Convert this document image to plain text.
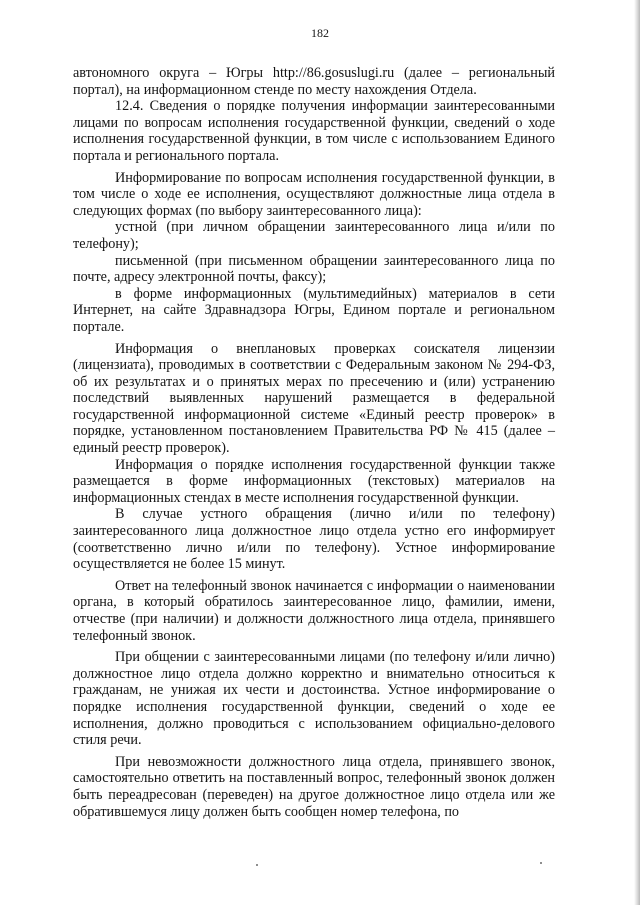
182

автономного округа – Югры http://86.gosuslugi.ru (далее – региональный портал), на информационном стенде по месту нахождения Отдела.

12.4. Сведения о порядке получения информации заинтересованными лицами по вопросам исполнения государственной функции, сведений о ходе исполнения государственной функции, в том числе с использованием Единого портала и регионального портала.

Информирование по вопросам исполнения государственной функции, в том числе о ходе ее исполнения, осуществляют должностные лица отдела в следующих формах (по выбору заинтересованного лица):

устной (при личном обращении заинтересованного лица и/или по телефону);

письменной (при письменном обращении заинтересованного лица по почте, адресу электронной почты, факсу);

в форме информационных (мультимедийных) материалов в сети Интернет, на сайте Здравнадзора Югры, Едином портале и региональном портале.

Информация о внеплановых проверках соискателя лицензии (лицензиата), проводимых в соответствии с Федеральным законом № 294-ФЗ, об их результатах и о принятых мерах по пресечению и (или) устранению последствий выявленных нарушений размещается в федеральной государственной информационной системе «Единый реестр проверок» в порядке, установленном постановлением Правительства РФ № 415 (далее – единый реестр проверок).

Информация о порядке исполнения государственной функции также размещается в форме информационных (текстовых) материалов на информационных стендах в месте исполнения государственной функции.

В случае устного обращения (лично и/или по телефону) заинтересованного лица должностное лицо отдела устно его информирует (соответственно лично и/или по телефону). Устное информирование осуществляется не более 15 минут.

Ответ на телефонный звонок начинается с информации о наименовании органа, в который обратилось заинтересованное лицо, фамилии, имени, отчестве (при наличии) и должности должностного лица отдела, принявшего телефонный звонок.

При общении с заинтересованными лицами (по телефону и/или лично) должностное лицо отдела должно корректно и внимательно относиться к гражданам, не унижая их чести и достоинства. Устное информирование о порядке исполнения государственной функции, сведений о ходе ее исполнения, должно проводиться с использованием официально-делового стиля речи.

При невозможности должностного лица отдела, принявшего звонок, самостоятельно ответить на поставленный вопрос, телефонный звонок должен быть переадресован (переведен) на другое должностное лицо отдела или же обратившемуся лицу должен быть сообщен номер телефона, по
